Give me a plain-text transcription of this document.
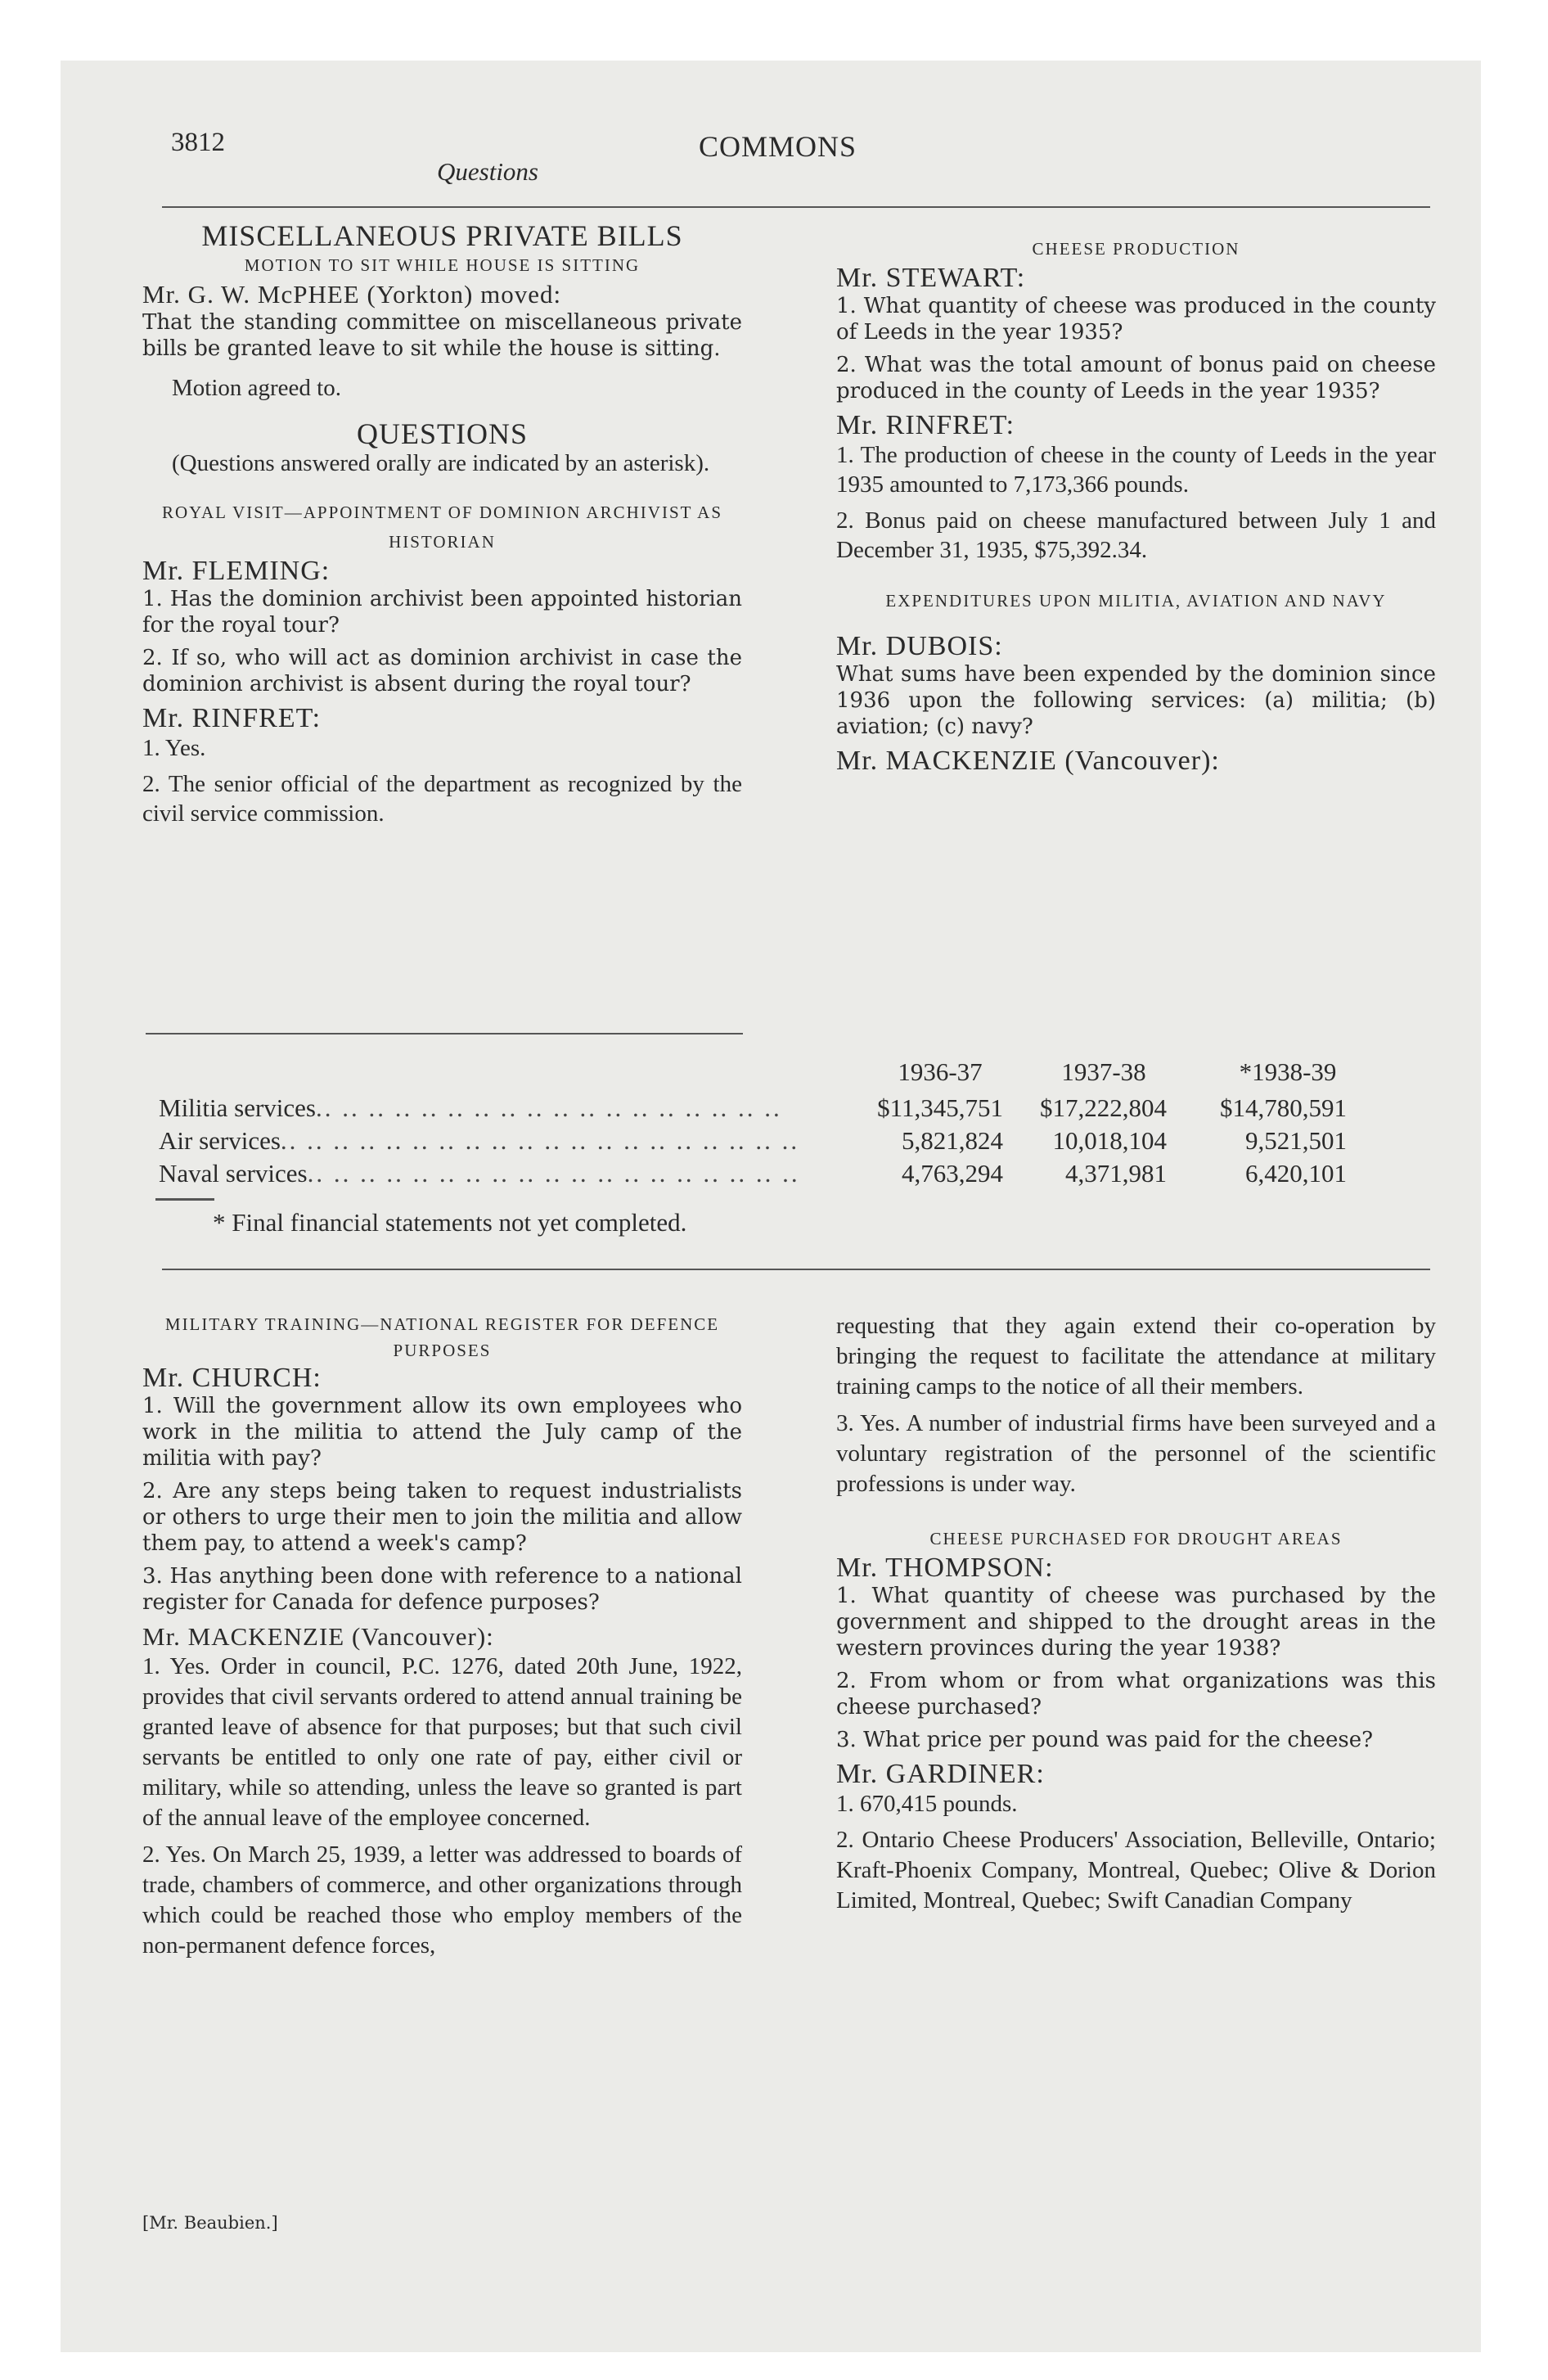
3812	COMMONS
Questions

MISCELLANEOUS PRIVATE BILLS

MOTION TO SIT WHILE HOUSE IS SITTING

Mr. G. W. McPHEE (Yorkton) moved:

That the standing committee on miscellaneous private bills be granted leave to sit while the house is sitting.

Motion agreed to.

QUESTIONS

(Questions answered orally are indicated by an asterisk).

ROYAL VISIT—APPOINTMENT OF DOMINION ARCHIVIST AS HISTORIAN

Mr. FLEMING:

1. Has the dominion archivist been appointed historian for the royal tour?

2. If so, who will act as dominion archivist in case the dominion archivist is absent during the royal tour?

Mr. RINFRET:

1. Yes.

2. The senior official of the department as recognized by the civil service commission.

CHEESE PRODUCTION

Mr. STEWART:

1. What quantity of cheese was produced in the county of Leeds in the year 1935?

2. What was the total amount of bonus paid on cheese produced in the county of Leeds in the year 1935?

Mr. RINFRET:

1. The production of cheese in the county of Leeds in the year 1935 amounted to 7,173,366 pounds.

2. Bonus paid on cheese manufactured between July 1 and December 31, 1935, $75,392.34.

EXPENDITURES UPON MILITIA, AVIATION AND NAVY

Mr. DUBOIS:

What sums have been expended by the dominion since 1936 upon the following services: (a) militia; (b) aviation; (c) navy?

Mr. MACKENZIE (Vancouver):

1936-37	1937-38	*1938-39
Militia services.. .. .. .. .. .. .. .. .. .. .. .. .. .. .. .. .. ..	$11,345,751	$17,222,804	$14,780,591
Air services.. .. .. .. .. .. .. .. .. .. .. .. .. .. .. .. .. .. .. ..	5,821,824	10,018,104	9,521,501
Naval services.. .. .. .. .. .. .. .. .. .. .. .. .. .. .. .. .. .. ..	4,763,294	4,371,981	6,420,101
* Final financial statements not yet completed.

MILITARY TRAINING—NATIONAL REGISTER FOR DEFENCE PURPOSES

Mr. CHURCH:

1. Will the government allow its own employees who work in the militia to attend the July camp of the militia with pay?

2. Are any steps being taken to request industrialists or others to urge their men to join the militia and allow them pay, to attend a week's camp?

3. Has anything been done with reference to a national register for Canada for defence purposes?

Mr. MACKENZIE (Vancouver):

1. Yes. Order in council, P.C. 1276, dated 20th June, 1922, provides that civil servants ordered to attend annual training be granted leave of absence for that purposes; but that such civil servants be entitled to only one rate of pay, either civil or military, while so attending, unless the leave so granted is part of the annual leave of the employee concerned.

2. Yes. On March 25, 1939, a letter was addressed to boards of trade, chambers of commerce, and other organizations through which could be reached those who employ members of the non-permanent defence forces,

[Mr. Beaubien.]

requesting that they again extend their co-operation by bringing the request to facilitate the attendance at military training camps to the notice of all their members.

3. Yes. A number of industrial firms have been surveyed and a voluntary registration of the personnel of the scientific professions is under way.

CHEESE PURCHASED FOR DROUGHT AREAS

Mr. THOMPSON:

1. What quantity of cheese was purchased by the government and shipped to the drought areas in the western provinces during the year 1938?

2. From whom or from what organizations was this cheese purchased?

3. What price per pound was paid for the cheese?

Mr. GARDINER:

1. 670,415 pounds.

2. Ontario Cheese Producers' Association, Belleville, Ontario; Kraft-Phoenix Company, Montreal, Quebec; Olive & Dorion Limited, Montreal, Quebec; Swift Canadian Company
